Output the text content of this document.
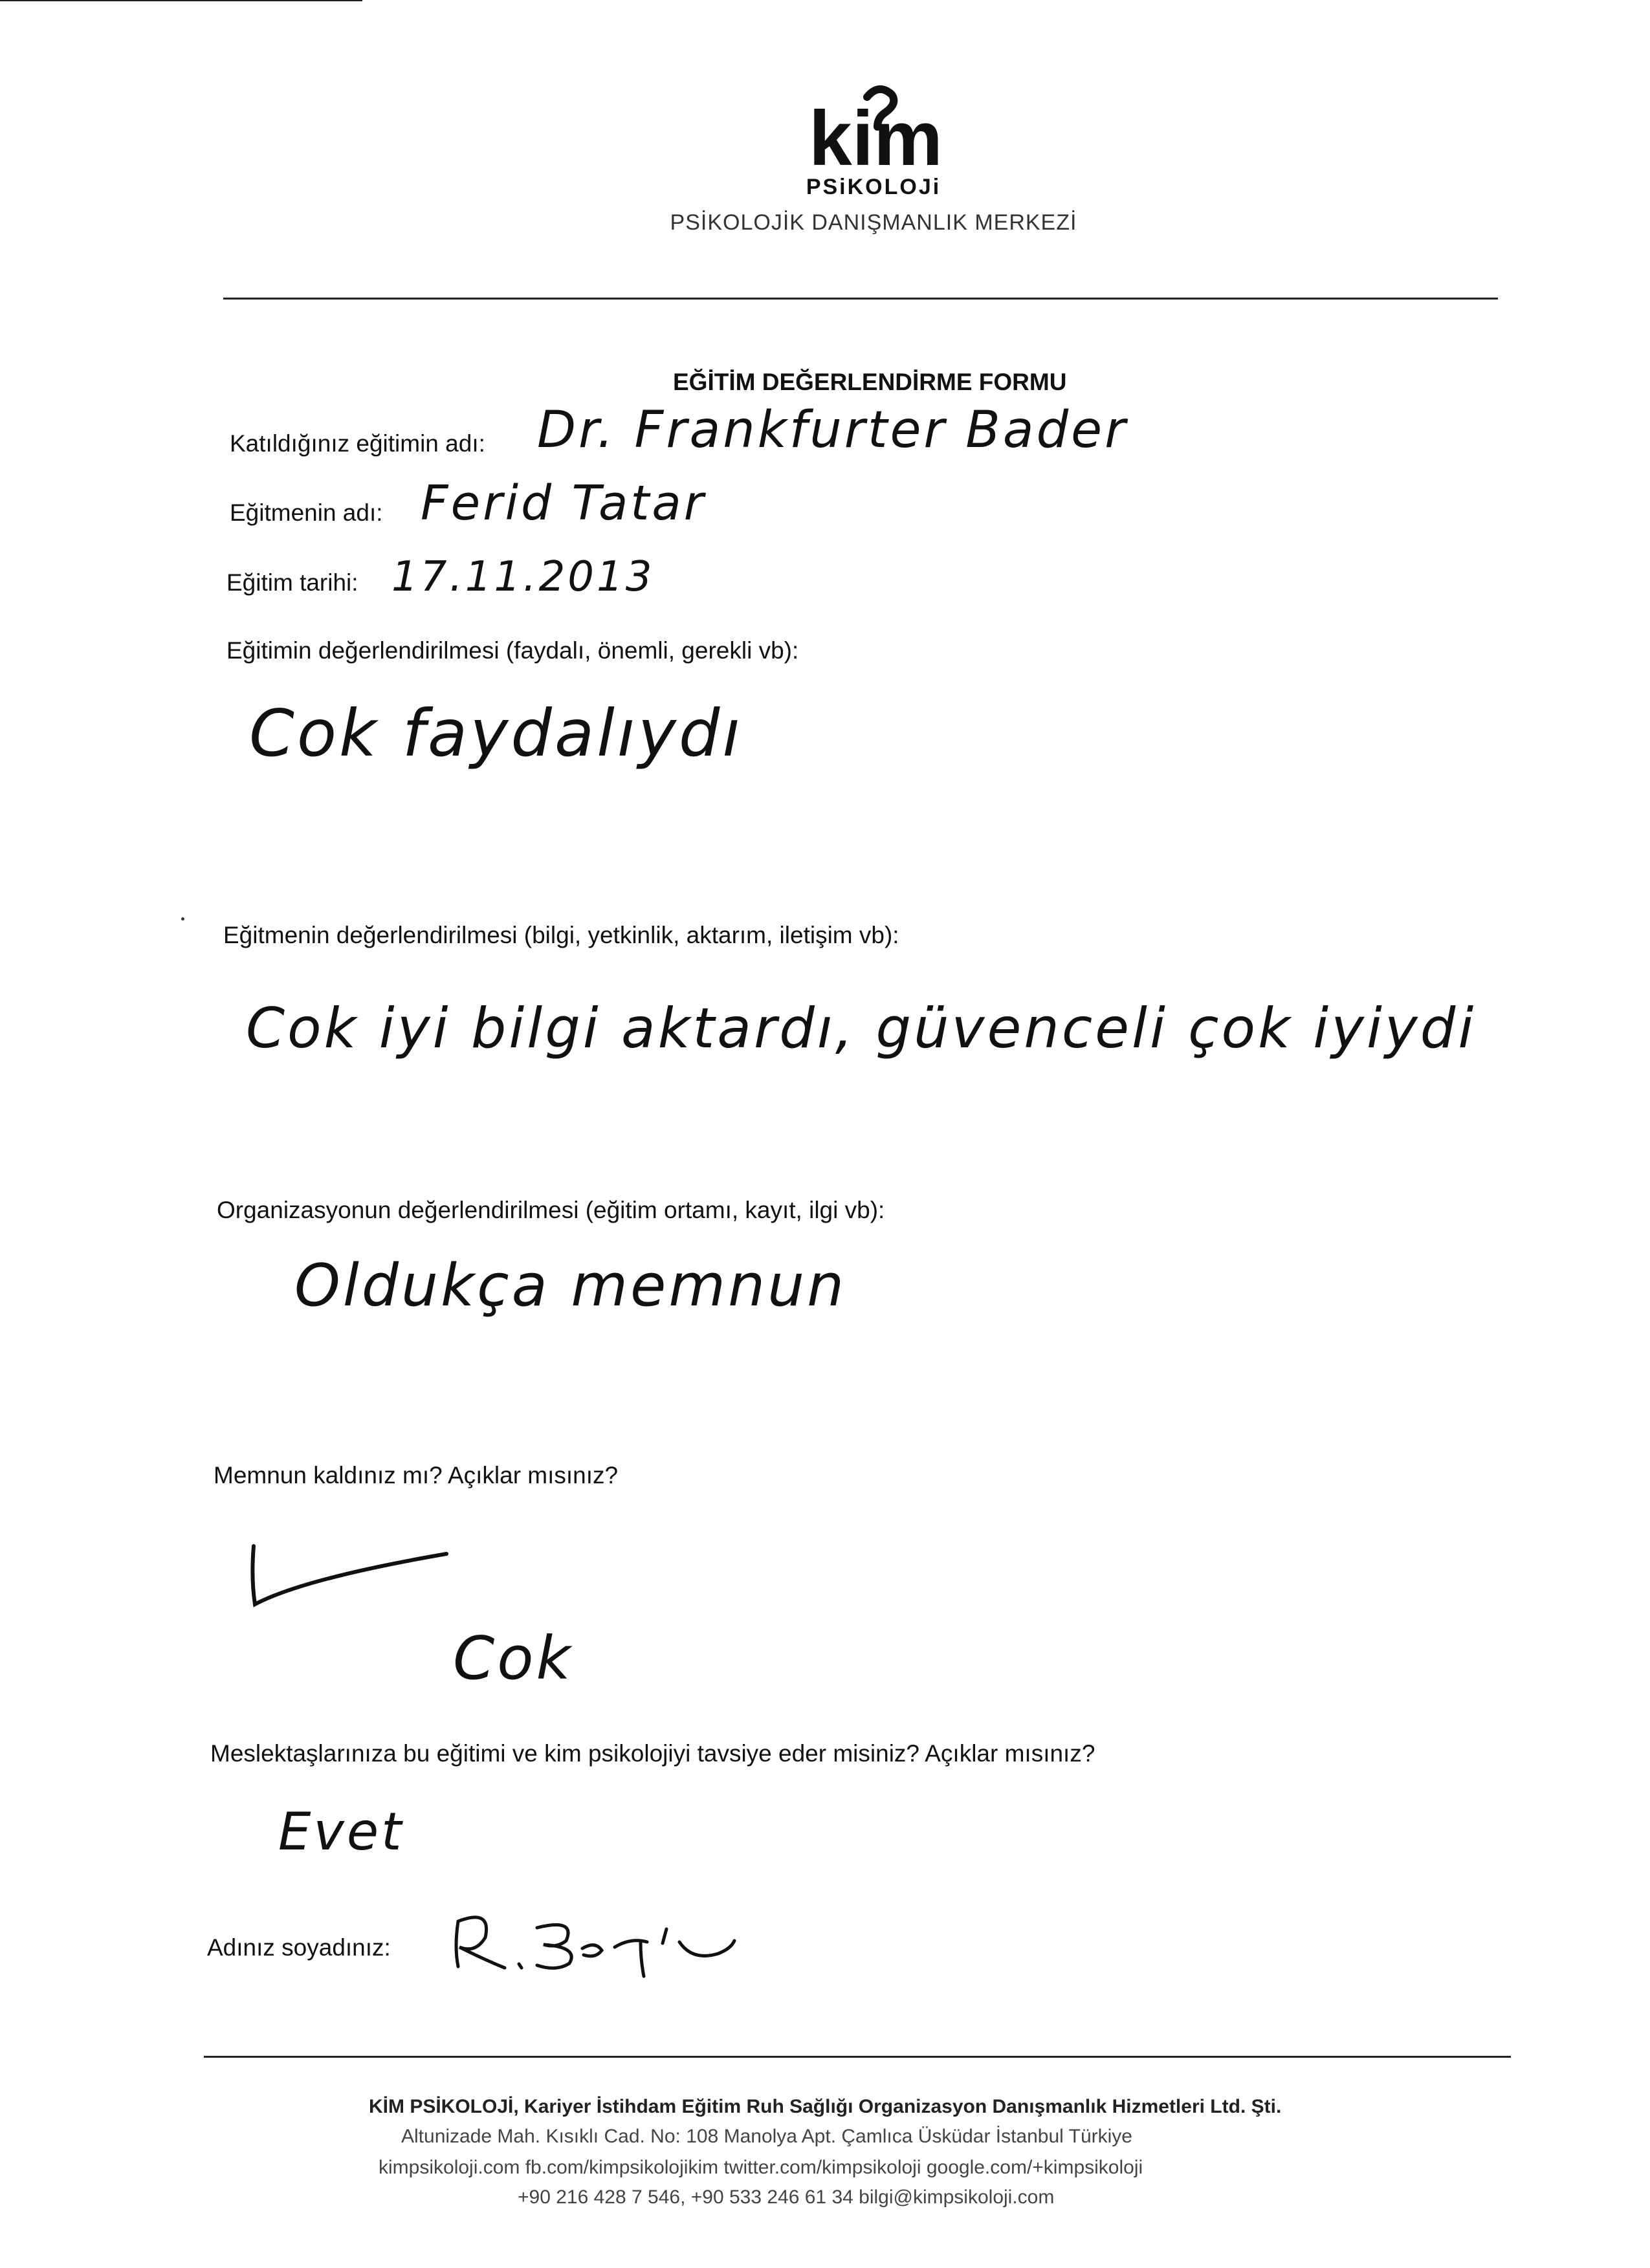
kim
PSiKOLOJi
PSİKOLOJİK DANIŞMANLIK MERKEZİ
EĞİTİM DEĞERLENDİRME FORMU
Katıldığınız eğitimin adı: Dr. Frankfurter Bader
Eğitmenin adı: Ferid Tatar
Eğitim tarihi: 17.11.2013
Eğitimin değerlendirilmesi (faydalı, önemli, gerekli vb):
Cok faydalıydı
Eğitmenin değerlendirilmesi (bilgi, yetkinlik, aktarım, iletişim vb):
Cok iyi bilgi aktardı, güvenceli çok iyiydi
Organizasyonun değerlendirilmesi (eğitim ortamı, kayıt, ilgi vb):
Oldukça memnun
Memnun kaldınız mı? Açıklar mısınız?
Cok
Meslektaşlarınıza bu eğitimi ve kim psikolojiyi tavsiye eder misiniz? Açıklar mısınız?
Evet
Adınız soyadınız:
KİM PSİKOLOJİ, Kariyer İstihdam Eğitim Ruh Sağlığı Organizasyon Danışmanlık Hizmetleri Ltd. Şti.
Altunizade Mah. Kısıklı Cad. No: 108 Manolya Apt. Çamlıca Üsküdar İstanbul Türkiye
kimpsikoloji.com fb.com/kimpsikolojikim twitter.com/kimpsikoloji google.com/+kimpsikoloji
+90 216 428 7 546, +90 533 246 61 34 bilgi@kimpsikoloji.com
